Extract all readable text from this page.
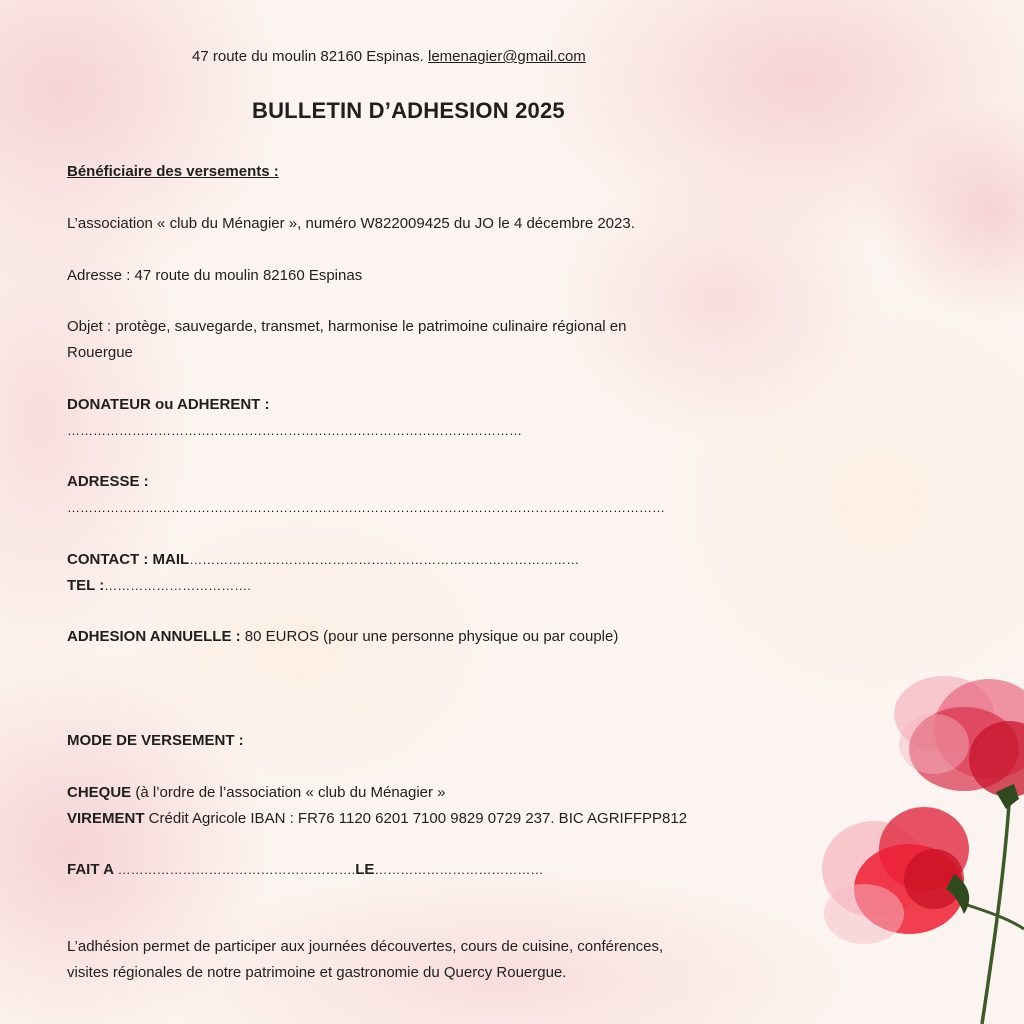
47 route du moulin 82160 Espinas. lemenagier@gmail.com
BULLETIN D’ADHESION 2025
Bénéficiaire des versements :
L’association « club du Ménagier », numéro W822009425 du JO le 4 décembre 2023.
Adresse : 47 route du moulin 82160 Espinas
Objet : protège, sauvegarde, transmet, harmonise le patrimoine culinaire régional en
Rouergue
DONATEUR ou ADHERENT :
……………………………………………………………………………………………
ADRESSE :
…………………………………………………………………………………………………………………………
CONTACT : MAIL………………………………………………………………………………
TEL :…………………………….
ADHESION ANNUELLE : 80 EUROS (pour une personne physique ou par couple)
MODE DE VERSEMENT :
CHEQUE (à l’ordre de l’association « club du Ménagier »
VIREMENT Crédit Agricole IBAN : FR76 1120 6201 7100 9829 0729 237. BIC AGRIFFPP812
FAIT A ……………………………………………….LE…………………………………
L’adhésion permet de participer aux journées découvertes, cours de cuisine, conférences,
visites régionales de notre patrimoine et gastronomie du Quercy Rouergue.
